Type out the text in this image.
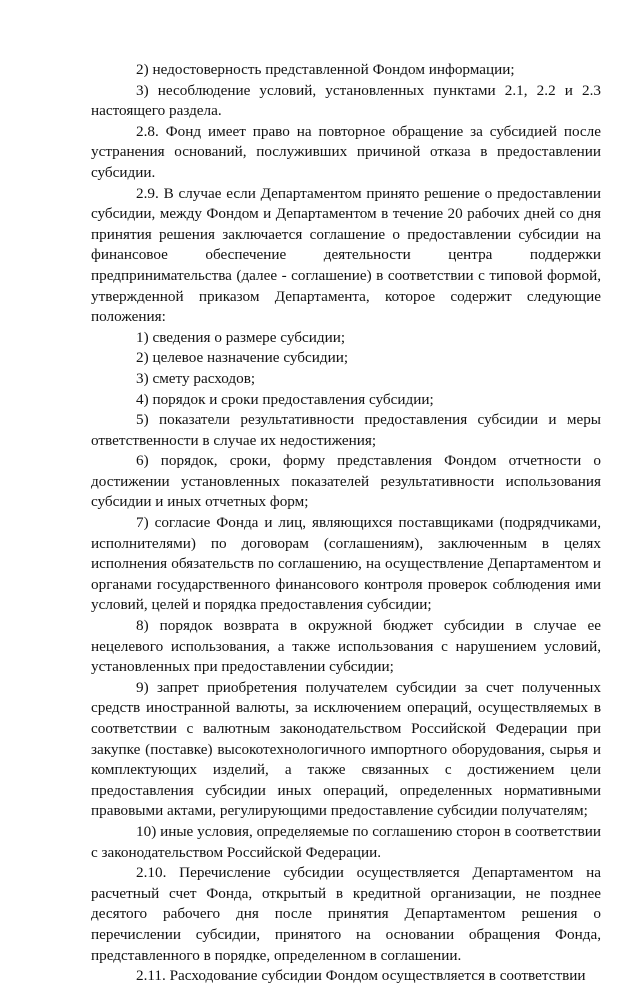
2) недостоверность представленной Фондом информации;

3) несоблюдение условий, установленных пунктами 2.1, 2.2 и 2.3 настоящего раздела.

2.8. Фонд имеет право на повторное обращение за субсидией после устранения оснований, послуживших причиной отказа в предоставлении субсидии.

2.9. В случае если Департаментом принято решение о предоставлении субсидии, между Фондом и Департаментом в течение 20 рабочих дней со дня принятия решения заключается соглашение о предоставлении субсидии на финансовое обеспечение деятельности центра поддержки предпринимательства (далее - соглашение) в соответствии с типовой формой, утвержденной приказом Департамента, которое содержит следующие положения:

1) сведения о размере субсидии;

2) целевое назначение субсидии;

3) смету расходов;

4) порядок и сроки предоставления субсидии;

5) показатели результативности предоставления субсидии и меры ответственности в случае их недостижения;

6) порядок, сроки, форму представления Фондом отчетности о достижении установленных показателей результативности использования субсидии и иных отчетных форм;

7) согласие Фонда и лиц, являющихся поставщиками (подрядчиками, исполнителями) по договорам (соглашениям), заключенным в целях исполнения обязательств по соглашению, на осуществление Департаментом и органами государственного финансового контроля проверок соблюдения ими условий, целей и порядка предоставления субсидии;

8) порядок возврата в окружной бюджет субсидии в случае ее нецелевого использования, а также использования с нарушением условий, установленных при предоставлении субсидии;

9) запрет приобретения получателем субсидии за счет полученных средств иностранной валюты, за исключением операций, осуществляемых в соответствии с валютным законодательством Российской Федерации при закупке (поставке) высокотехнологичного импортного оборудования, сырья и комплектующих изделий, а также связанных с достижением цели предоставления субсидии иных операций, определенных нормативными правовыми актами, регулирующими предоставление субсидии получателям;

10) иные условия, определяемые по соглашению сторон в соответствии с законодательством Российской Федерации.

2.10. Перечисление субсидии осуществляется Департаментом на расчетный счет Фонда, открытый в кредитной организации, не позднее десятого рабочего дня после принятия Департаментом решения о перечислении субсидии, принятого на основании обращения Фонда, представленного в порядке, определенном в соглашении.

2.11. Расходование субсидии Фондом осуществляется в соответствии
